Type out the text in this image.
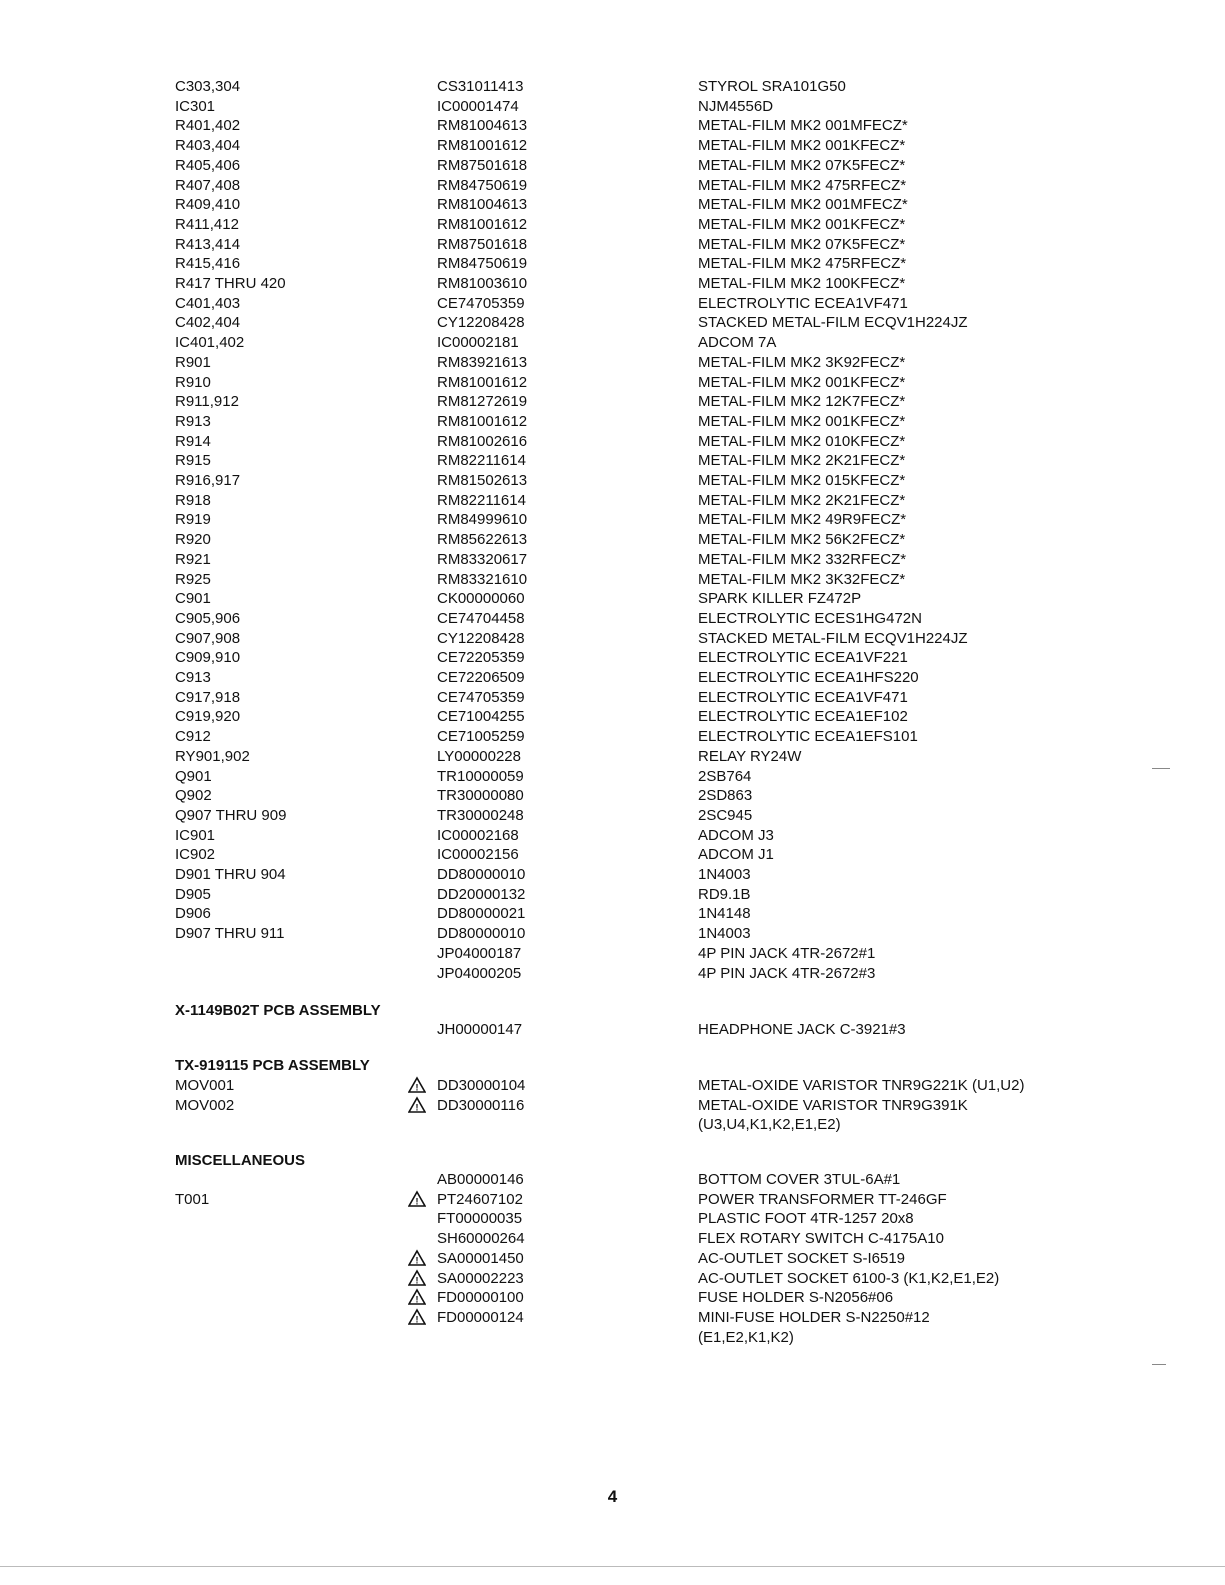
C303,304	CS31011413	STYROL SRA101G50
IC301	IC00001474	NJM4556D
R401,402	RM81004613	METAL-FILM MK2 001MFECZ*
R403,404	RM81001612	METAL-FILM MK2 001KFECZ*
R405,406	RM87501618	METAL-FILM MK2 07K5FECZ*
R407,408	RM84750619	METAL-FILM MK2 475RFECZ*
R409,410	RM81004613	METAL-FILM MK2 001MFECZ*
R411,412	RM81001612	METAL-FILM MK2 001KFECZ*
R413,414	RM87501618	METAL-FILM MK2 07K5FECZ*
R415,416	RM84750619	METAL-FILM MK2 475RFECZ*
R417 THRU 420	RM81003610	METAL-FILM MK2 100KFECZ*
C401,403	CE74705359	ELECTROLYTIC ECEA1VF471
C402,404	CY12208428	STACKED METAL-FILM ECQV1H224JZ
IC401,402	IC00002181	ADCOM 7A
R901	RM83921613	METAL-FILM MK2 3K92FECZ*
R910	RM81001612	METAL-FILM MK2 001KFECZ*
R911,912	RM81272619	METAL-FILM MK2 12K7FECZ*
R913	RM81001612	METAL-FILM MK2 001KFECZ*
R914	RM81002616	METAL-FILM MK2 010KFECZ*
R915	RM82211614	METAL-FILM MK2 2K21FECZ*
R916,917	RM81502613	METAL-FILM MK2 015KFECZ*
R918	RM82211614	METAL-FILM MK2 2K21FECZ*
R919	RM84999610	METAL-FILM MK2 49R9FECZ*
R920	RM85622613	METAL-FILM MK2 56K2FECZ*
R921	RM83320617	METAL-FILM MK2 332RFECZ*
R925	RM83321610	METAL-FILM MK2 3K32FECZ*
C901	CK00000060	SPARK KILLER FZ472P
C905,906	CE74704458	ELECTROLYTIC ECES1HG472N
C907,908	CY12208428	STACKED METAL-FILM ECQV1H224JZ
C909,910	CE72205359	ELECTROLYTIC ECEA1VF221
C913	CE72206509	ELECTROLYTIC ECEA1HFS220
C917,918	CE74705359	ELECTROLYTIC ECEA1VF471
C919,920	CE71004255	ELECTROLYTIC ECEA1EF102
C912	CE71005259	ELECTROLYTIC ECEA1EFS101
RY901,902	LY00000228	RELAY RY24W
Q901	TR10000059	2SB764
Q902	TR30000080	2SD863
Q907 THRU 909	TR30000248	2SC945
IC901	IC00002168	ADCOM J3
IC902	IC00002156	ADCOM J1
D901 THRU 904	DD80000010	1N4003
D905	DD20000132	RD9.1B
D906	DD80000021	1N4148
D907 THRU 911	DD80000010	1N4003
JP04000187	4P PIN JACK 4TR-2672#1
JP04000205	4P PIN JACK 4TR-2672#3
X-1149B02T PCB ASSEMBLY
JH00000147	HEADPHONE JACK C-3921#3
TX-919115 PCB ASSEMBLY
MOV001	DD30000104	METAL-OXIDE VARISTOR TNR9G221K (U1,U2)
!
MOV002	DD30000116	METAL-OXIDE VARISTOR TNR9G391K
!
(U3,U4,K1,K2,E1,E2)
MISCELLANEOUS
AB00000146	BOTTOM COVER 3TUL-6A#1
T001	PT24607102	POWER TRANSFORMER TT-246GF
!
FT00000035	PLASTIC FOOT 4TR-1257 20x8
SH60000264	FLEX ROTARY SWITCH C-4175A10
SA00001450	AC-OUTLET SOCKET S-I6519
!
SA00002223	AC-OUTLET SOCKET 6100-3 (K1,K2,E1,E2)
!
FD00000100	FUSE HOLDER S-N2056#06
!
FD00000124	MINI-FUSE HOLDER S-N2250#12
!
(E1,E2,K1,K2)
4
